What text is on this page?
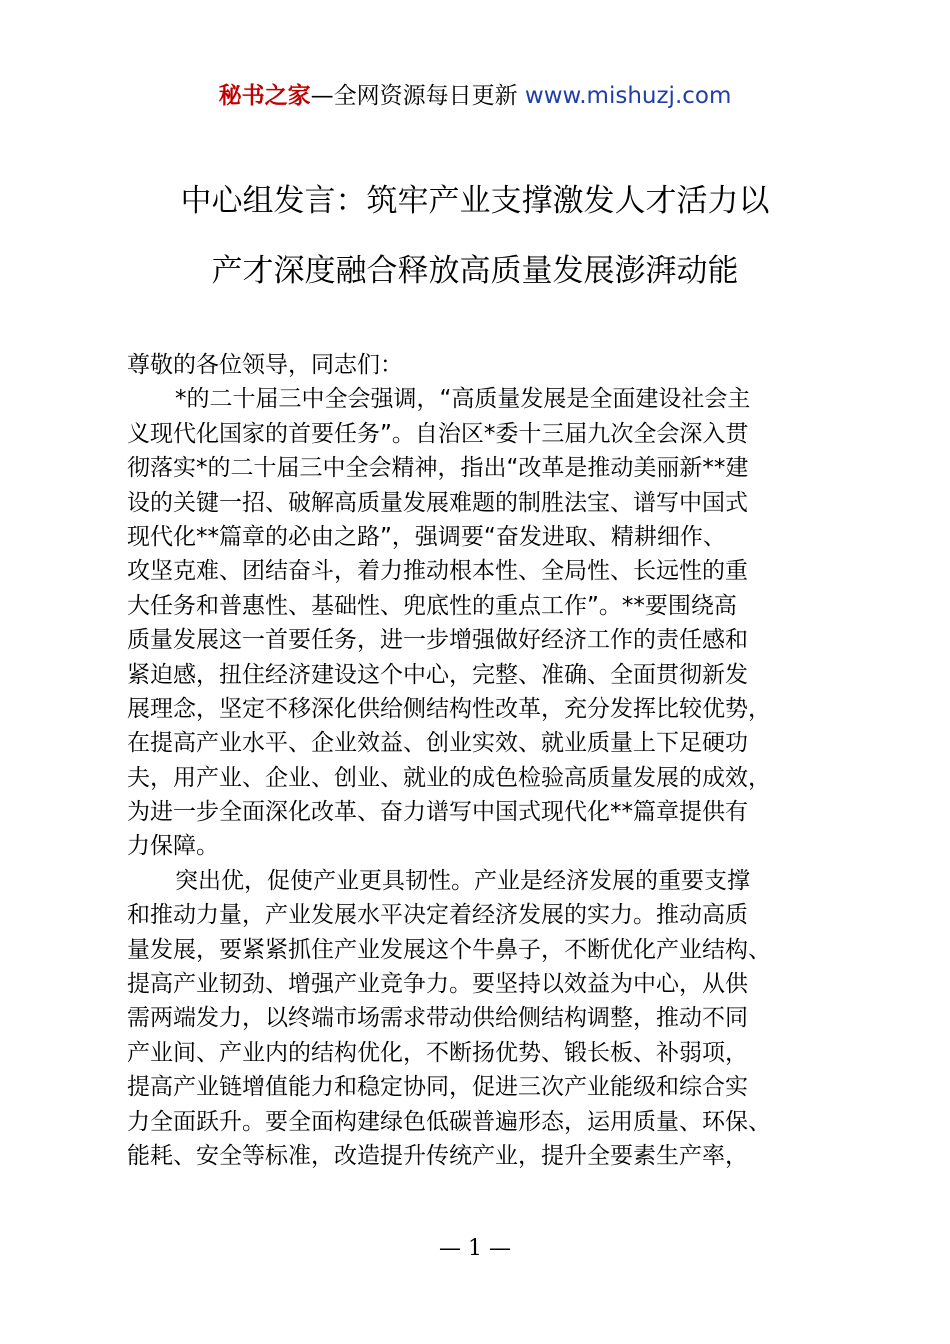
秘书之家—全网资源每日更新 www.mishuzj.com
中心组发言：筑牢产业支撑激发人才活力以
产才深度融合释放高质量发展澎湃动能
尊敬的各位领导，同志们：
*的二十届三中全会强调，“高质量发展是全面建设社会主
义现代化国家的首要任务”。自治区*委十三届九次全会深入贯
彻落实*的二十届三中全会精神，指出“改革是推动美丽新**建
设的关键一招、破解高质量发展难题的制胜法宝、谱写中国式
现代化**篇章的必由之路”，强调要“奋发进取、精耕细作、
攻坚克难、团结奋斗，着力推动根本性、全局性、长远性的重
大任务和普惠性、基础性、兜底性的重点工作”。**要围绕高
质量发展这一首要任务，进一步增强做好经济工作的责任感和
紧迫感，扭住经济建设这个中心，完整、准确、全面贯彻新发
展理念，坚定不移深化供给侧结构性改革，充分发挥比较优势，
在提高产业水平、企业效益、创业实效、就业质量上下足硬功
夫，用产业、企业、创业、就业的成色检验高质量发展的成效，
为进一步全面深化改革、奋力谱写中国式现代化**篇章提供有
力保障。
突出优，促使产业更具韧性。产业是经济发展的重要支撑
和推动力量，产业发展水平决定着经济发展的实力。推动高质
量发展，要紧紧抓住产业发展这个牛鼻子，不断优化产业结构、
提高产业韧劲、增强产业竞争力。要坚持以效益为中心，从供
需两端发力，以终端市场需求带动供给侧结构调整，推动不同
产业间、产业内的结构优化，不断扬优势、锻长板、补弱项，
提高产业链增值能力和稳定协同，促进三次产业能级和综合实
力全面跃升。要全面构建绿色低碳普遍形态，运用质量、环保、
能耗、安全等标准，改造提升传统产业，提升全要素生产率，
— 1 —
